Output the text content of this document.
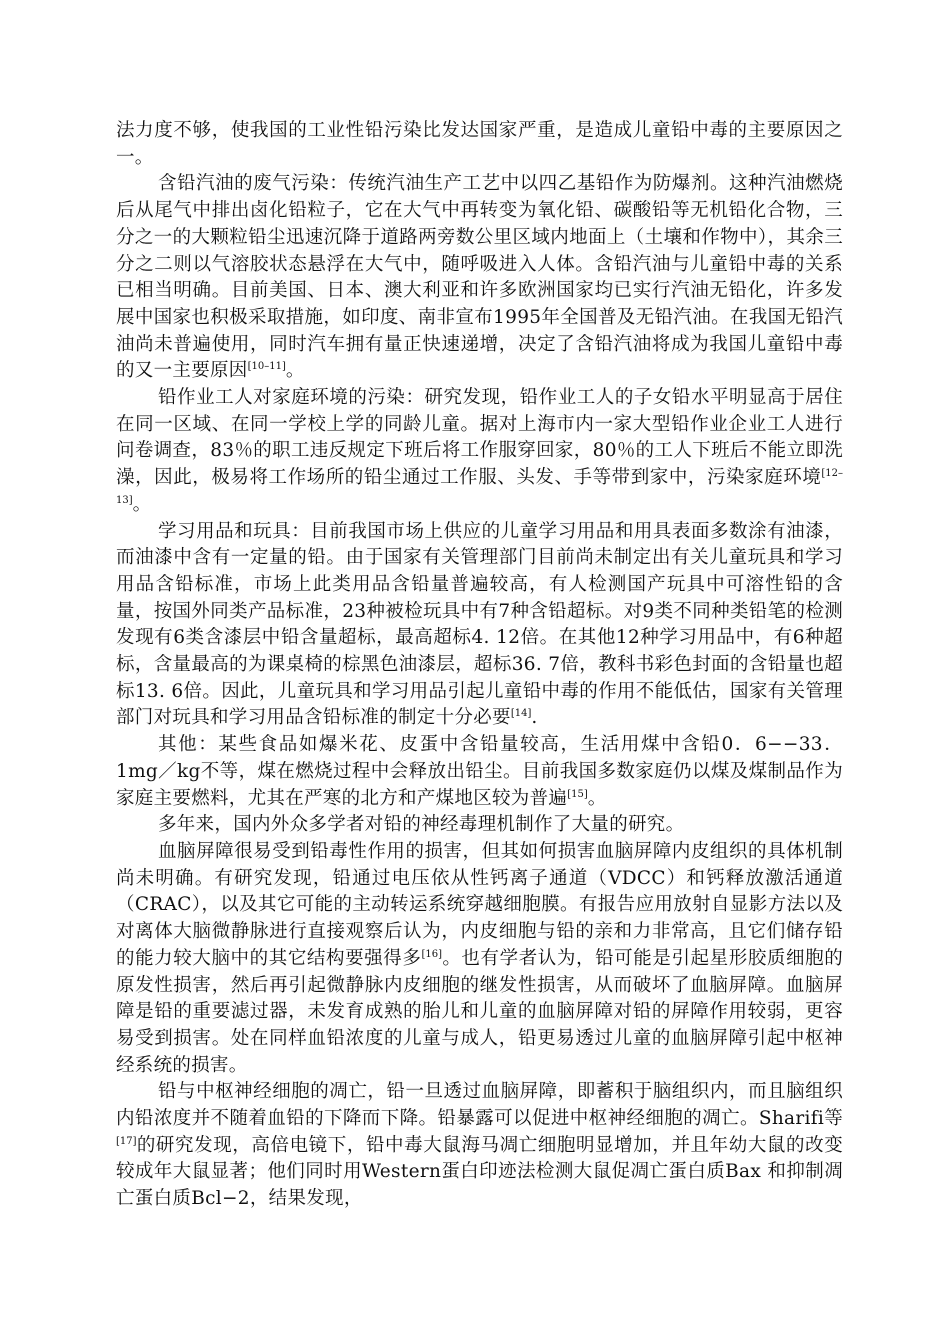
法力度不够，使我国的工业性铅污染比发达国家严重，是造成儿童铅中毒的主要原因之一。

含铅汽油的废气污染：传统汽油生产工艺中以四乙基铅作为防爆剂。这种汽油燃烧后从尾气中排出卤化铅粒子，它在大气中再转变为氧化铅、碳酸铅等无机铅化合物，三分之一的大颗粒铅尘迅速沉降于道路两旁数公里区域内地面上（土壤和作物中），其余三分之二则以气溶胶状态悬浮在大气中，随呼吸进入人体。含铅汽油与儿童铅中毒的关系已相当明确。目前美国、日本、澳大利亚和许多欧洲国家均已实行汽油无铅化，许多发展中国家也积极采取措施，如印度、南非宣布1995年全国普及无铅汽油。在我国无铅汽油尚未普遍使用，同时汽车拥有量正快速递增，决定了含铅汽油将成为我国儿童铅中毒的又一主要原因[10–11]。

铅作业工人对家庭环境的污染：研究发现，铅作业工人的子女铅水平明显高于居住在同一区域、在同一学校上学的同龄儿童。据对上海市内一家大型铅作业企业工人进行问卷调查，83％的职工违反规定下班后将工作服穿回家，80％的工人下班后不能立即洗澡，因此，极易将工作场所的铅尘通过工作服、头发、手等带到家中，污染家庭环境[12–13]。

学习用品和玩具：目前我国市场上供应的儿童学习用品和用具表面多数涂有油漆，而油漆中含有一定量的铅。由于国家有关管理部门目前尚未制定出有关儿童玩具和学习用品含铅标准，市场上此类用品含铅量普遍较高，有人检测国产玩具中可溶性铅的含量，按国外同类产品标准，23种被检玩具中有7种含铅超标。对9类不同种类铅笔的检测发现有6类含漆层中铅含量超标，最高超标4. 12倍。在其他12种学习用品中，有6种超标，含量最高的为课桌椅的棕黑色油漆层，超标36. 7倍，教科书彩色封面的含铅量也超标13. 6倍。因此，儿童玩具和学习用品引起儿童铅中毒的作用不能低估，国家有关管理部门对玩具和学习用品含铅标准的制定十分必要[14].

其他：某些食品如爆米花、皮蛋中含铅量较高，生活用煤中含铅0．6−−33．1mg／kg不等，煤在燃烧过程中会释放出铅尘。目前我国多数家庭仍以煤及煤制品作为家庭主要燃料，尤其在严寒的北方和产煤地区较为普遍[15]。

多年来，国内外众多学者对铅的神经毒理机制作了大量的研究。

血脑屏障很易受到铅毒性作用的损害，但其如何损害血脑屏障内皮组织的具体机制尚未明确。有研究发现，铅通过电压依从性钙离子通道（VDCC）和钙释放激活通道（CRAC），以及其它可能的主动转运系统穿越细胞膜。有报告应用放射自显影方法以及对离体大脑微静脉进行直接观察后认为，内皮细胞与铅的亲和力非常高，且它们储存铅的能力较大脑中的其它结构要强得多[16]。也有学者认为，铅可能是引起星形胶质细胞的原发性损害，然后再引起微静脉内皮细胞的继发性损害，从而破坏了血脑屏障。血脑屏障是铅的重要滤过器，未发育成熟的胎儿和儿童的血脑屏障对铅的屏障作用较弱，更容易受到损害。处在同样血铅浓度的儿童与成人，铅更易透过儿童的血脑屏障引起中枢神经系统的损害。

铅与中枢神经细胞的凋亡，铅一旦透过血脑屏障，即蓄积于脑组织内，而且脑组织内铅浓度并不随着血铅的下降而下降。铅暴露可以促进中枢神经细胞的凋亡。Sharifi等[17]的研究发现，高倍电镜下，铅中毒大鼠海马凋亡细胞明显增加，并且年幼大鼠的改变较成年大鼠显著；他们同时用Western蛋白印迹法检测大鼠促凋亡蛋白质Bax 和抑制凋亡蛋白质Bcl−2，结果发现，
